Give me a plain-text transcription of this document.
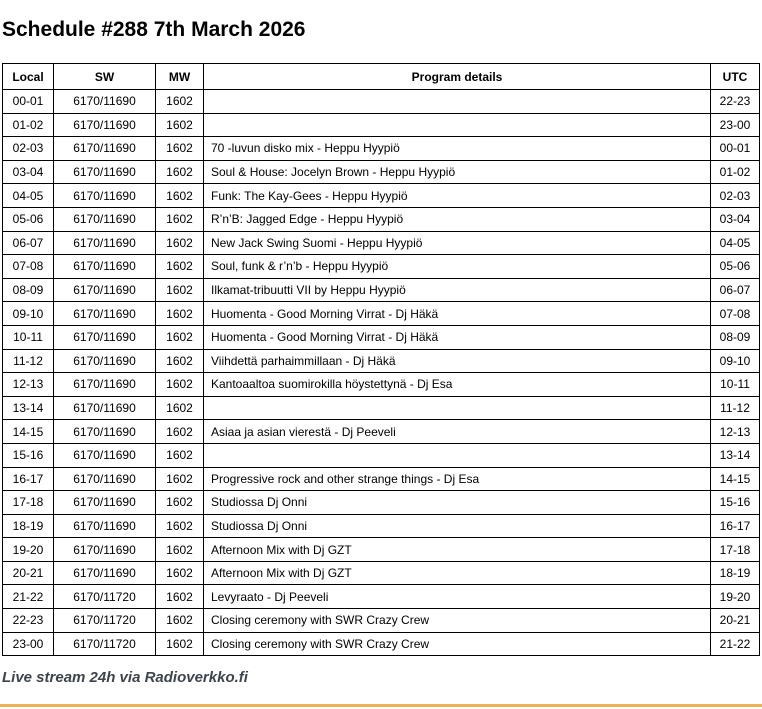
Schedule #288 7th March 2026
Local	SW	MW	Program details	UTC
00-01	6170/11690	1602		22-23
01-02	6170/11690	1602		23-00
02-03	6170/11690	1602	70 -luvun disko mix - Heppu Hyypiö	00-01
03-04	6170/11690	1602	Soul & House: Jocelyn Brown - Heppu Hyypiö	01-02
04-05	6170/11690	1602	Funk: The Kay-Gees - Heppu Hyypiö	02-03
05-06	6170/11690	1602	R’n’B: Jagged Edge - Heppu Hyypiö	03-04
06-07	6170/11690	1602	New Jack Swing Suomi - Heppu Hyypiö	04-05
07-08	6170/11690	1602	Soul, funk & r’n’b - Heppu Hyypiö	05-06
08-09	6170/11690	1602	Ilkamat-tribuutti VII by Heppu Hyypiö	06-07
09-10	6170/11690	1602	Huomenta - Good Morning Virrat - Dj Häkä	07-08
10-11	6170/11690	1602	Huomenta - Good Morning Virrat - Dj Häkä	08-09
11-12	6170/11690	1602	Viihdettä parhaimmillaan - Dj Häkä	09-10
12-13	6170/11690	1602	Kantoaaltoa suomirokilla höystettynä - Dj Esa	10-11
13-14	6170/11690	1602		11-12
14-15	6170/11690	1602	Asiaa ja asian vierestä - Dj Peeveli	12-13
15-16	6170/11690	1602		13-14
16-17	6170/11690	1602	Progressive rock and other strange things - Dj Esa	14-15
17-18	6170/11690	1602	Studiossa Dj Onni	15-16
18-19	6170/11690	1602	Studiossa Dj Onni	16-17
19-20	6170/11690	1602	Afternoon Mix with Dj GZT	17-18
20-21	6170/11690	1602	Afternoon Mix with Dj GZT	18-19
21-22	6170/11720	1602	Levyraato - Dj Peeveli	19-20
22-23	6170/11720	1602	Closing ceremony with SWR Crazy Crew	20-21
23-00	6170/11720	1602	Closing ceremony with SWR Crazy Crew	21-22
Live stream 24h via Radioverkko.fi
